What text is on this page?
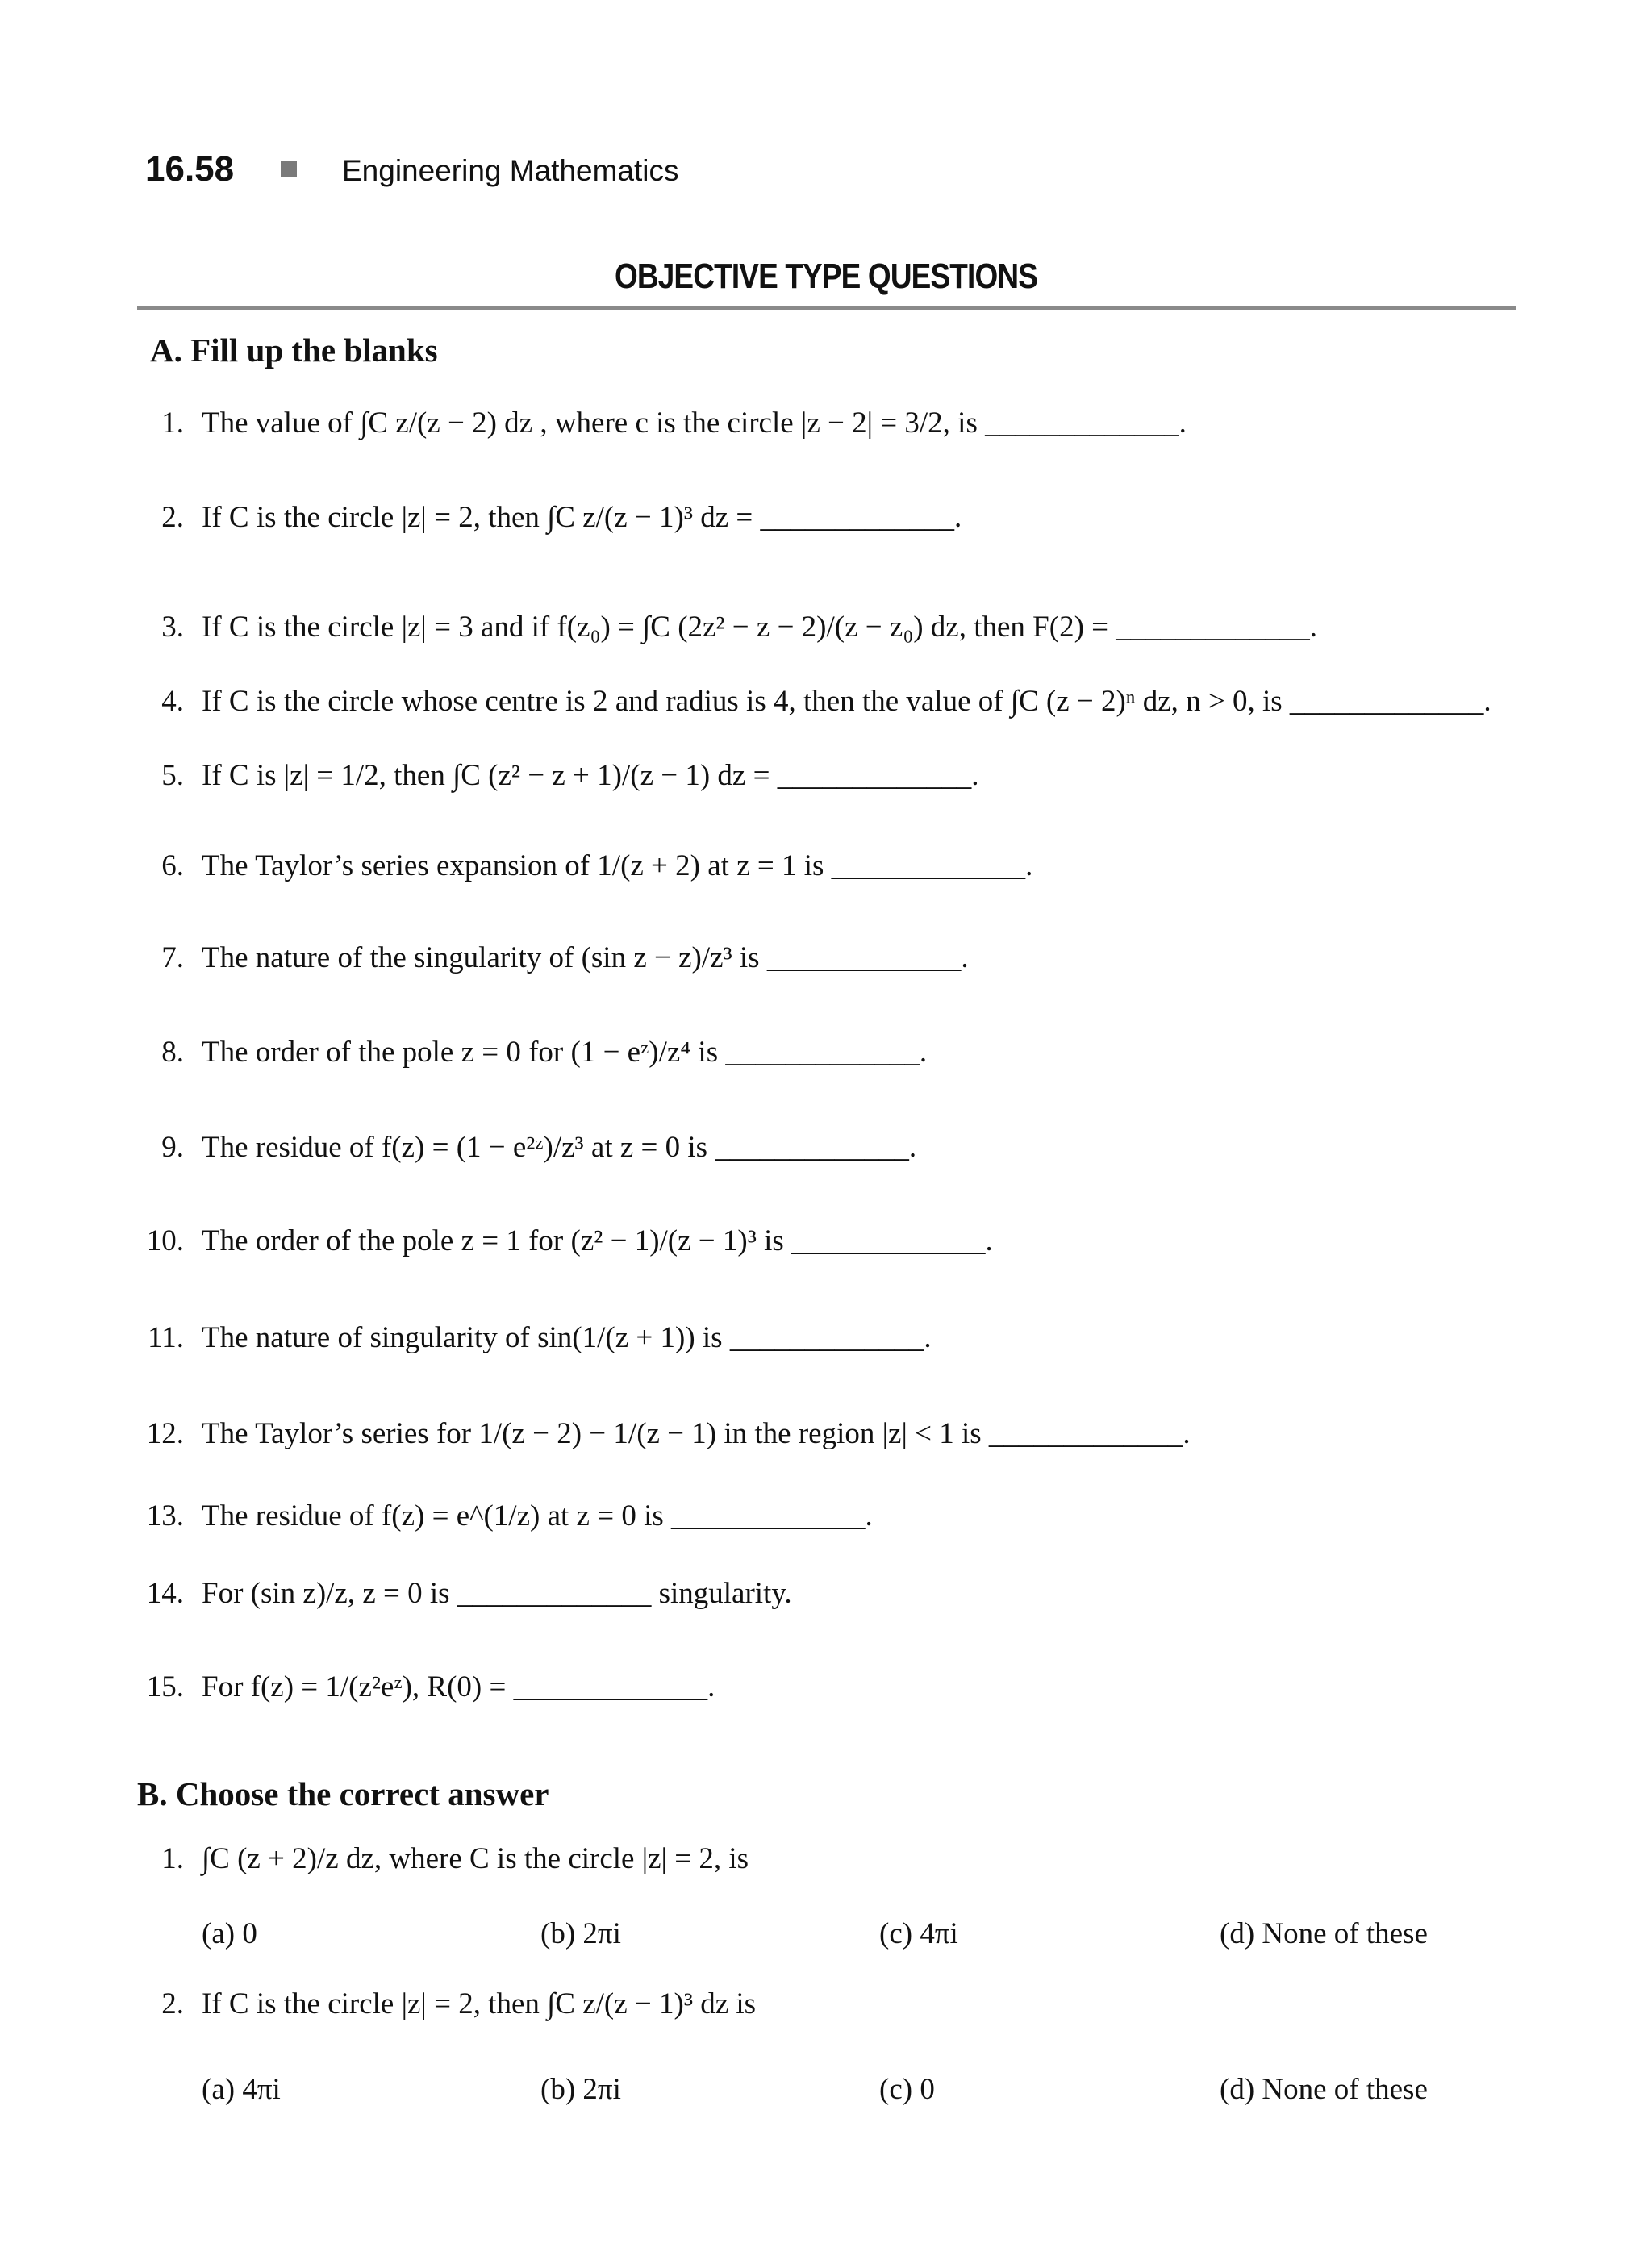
16.58	Engineering Mathematics
OBJECTIVE TYPE QUESTIONS
A. Fill up the blanks
1. The value of ∫C z/(z − 2) dz , where c is the circle |z − 2| = 3/2, is _____________.
2. If C is the circle |z| = 2, then ∫C z/(z − 1)³ dz = _____________.
3. If C is the circle |z| = 3 and if f(z₀) = ∫C (2z² − z − 2)/(z − z₀) dz, then F(2) = _____________.
4. If C is the circle whose centre is 2 and radius is 4, then the value of ∫C (z − 2)ⁿ dz, n > 0, is _____________.
5. If C is |z| = 1/2, then ∫C (z² − z + 1)/(z − 1) dz = _____________.
6. The Taylor’s series expansion of 1/(z + 2) at z = 1 is _____________.
7. The nature of the singularity of (sin z − z)/z³ is _____________.
8. The order of the pole z = 0 for (1 − eᶻ)/z⁴ is _____________.
9. The residue of f(z) = (1 − e²ᶻ)/z³ at z = 0 is _____________.
10. The order of the pole z = 1 for (z² − 1)/(z − 1)³ is _____________.
11. The nature of singularity of sin(1/(z + 1)) is _____________.
12. The Taylor’s series for 1/(z − 2) − 1/(z − 1) in the region |z| < 1 is _____________.
13. The residue of f(z) = e^(1/z) at z = 0 is _____________.
14. For (sin z)/z, z = 0 is _____________ singularity.
15. For f(z) = 1/(z²eᶻ), R(0) = _____________.
B. Choose the correct answer
1. ∫C (z + 2)/z dz, where C is the circle |z| = 2, is
(a) 0	(b) 2πi	(c) 4πi	(d) None of these
2. If C is the circle |z| = 2, then ∫C z/(z − 1)³ dz is
(a) 4πi	(b) 2πi	(c) 0	(d) None of these
